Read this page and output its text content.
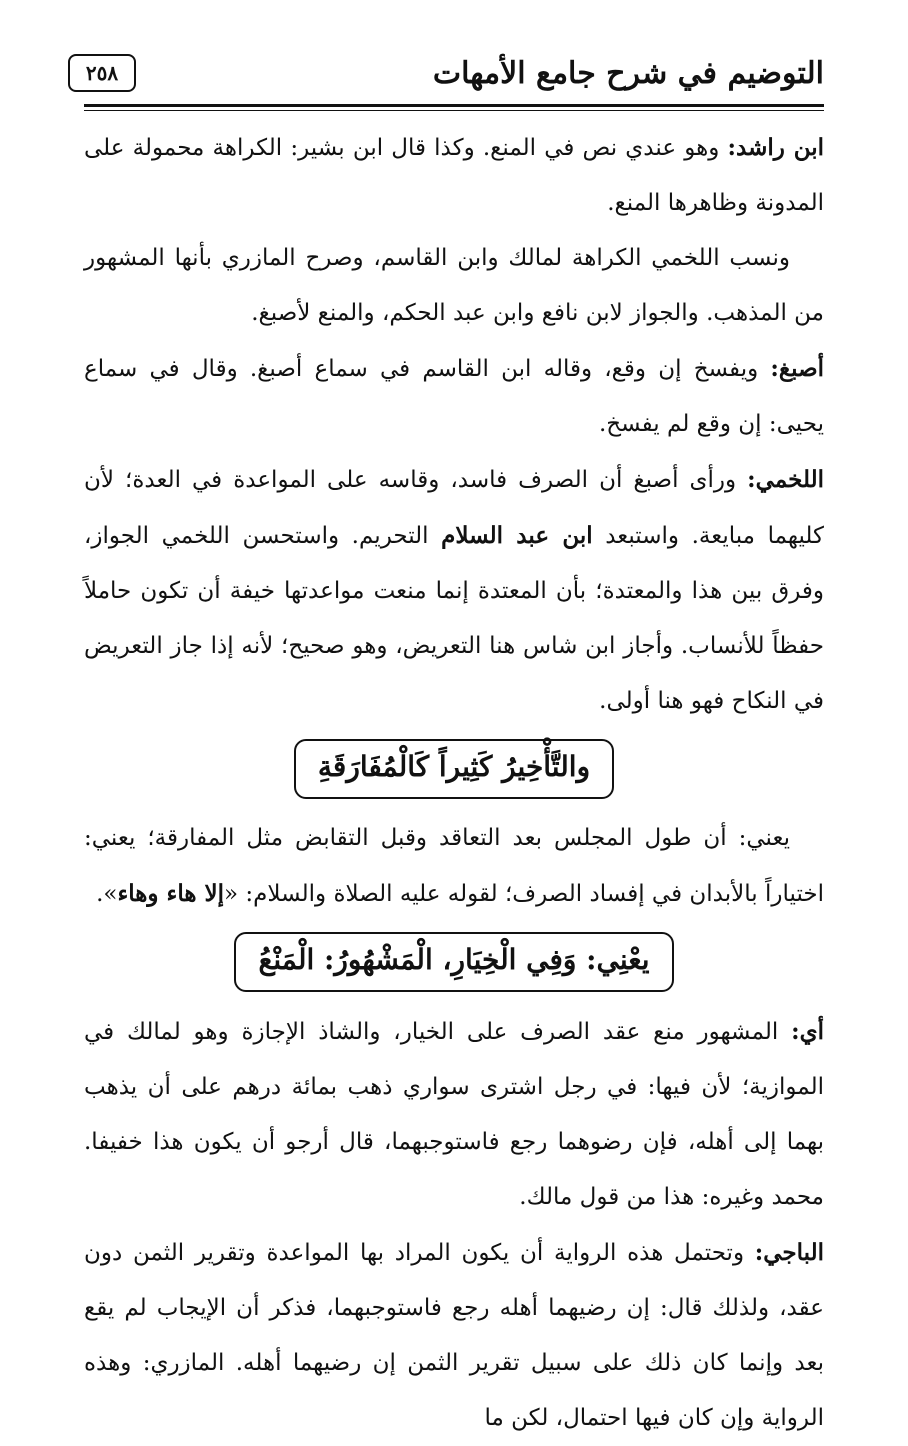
٢٥٨	التوضيم في شرح جامع الأمهات

ابن راشد: وهو عندي نص في المنع. وكذا قال ابن بشير: الكراهة محمولة على المدونة وظاهرها المنع.

ونسب اللخمي الكراهة لمالك وابن القاسم، وصرح المازري بأنها المشهور من المذهب. والجواز لابن نافع وابن عبد الحكم، والمنع لأصبغ.

أصبغ: ويفسخ إن وقع، وقاله ابن القاسم في سماع أصبغ. وقال في سماع يحيى: إن وقع لم يفسخ.

اللخمي: ورأى أصبغ أن الصرف فاسد، وقاسه على المواعدة في العدة؛ لأن كليهما مبايعة. واستبعد ابن عبد السلام التحريم. واستحسن اللخمي الجواز، وفرق بين هذا والمعتدة؛ بأن المعتدة إنما منعت مواعدتها خيفة أن تكون حاملاً حفظاً للأنساب. وأجاز ابن شاس هنا التعريض، وهو صحيح؛ لأنه إذا جاز التعريض في النكاح فهو هنا أولى.

والتَّأْخِيرُ كَثِيراً كَالْمُفَارَقَةِ

يعني: أن طول المجلس بعد التعاقد وقبل التقابض مثل المفارقة؛ يعني: اختياراً بالأبدان في إفساد الصرف؛ لقوله عليه الصلاة والسلام: «إلا هاء وهاء».

يعْنِي: وَفِي الْخِيَارِ، الْمَشْهُورُ: الْمَنْعُ

أي: المشهور منع عقد الصرف على الخيار، والشاذ الإجازة وهو لمالك في الموازية؛ لأن فيها: في رجل اشترى سواري ذهب بمائة درهم على أن يذهب بهما إلى أهله، فإن رضوهما رجع فاستوجبهما، قال أرجو أن يكون هذا خفيفا. محمد وغيره: هذا من قول مالك.

الباجي: وتحتمل هذه الرواية أن يكون المراد بها المواعدة وتقرير الثمن دون عقد، ولذلك قال: إن رضيهما أهله رجع فاستوجبهما، فذكر أن الإيجاب لم يقع بعد وإنما كان ذلك على سبيل تقرير الثمن إن رضيهما أهله. المازري: وهذه الرواية وإن كان فيها احتمال، لكن ما
